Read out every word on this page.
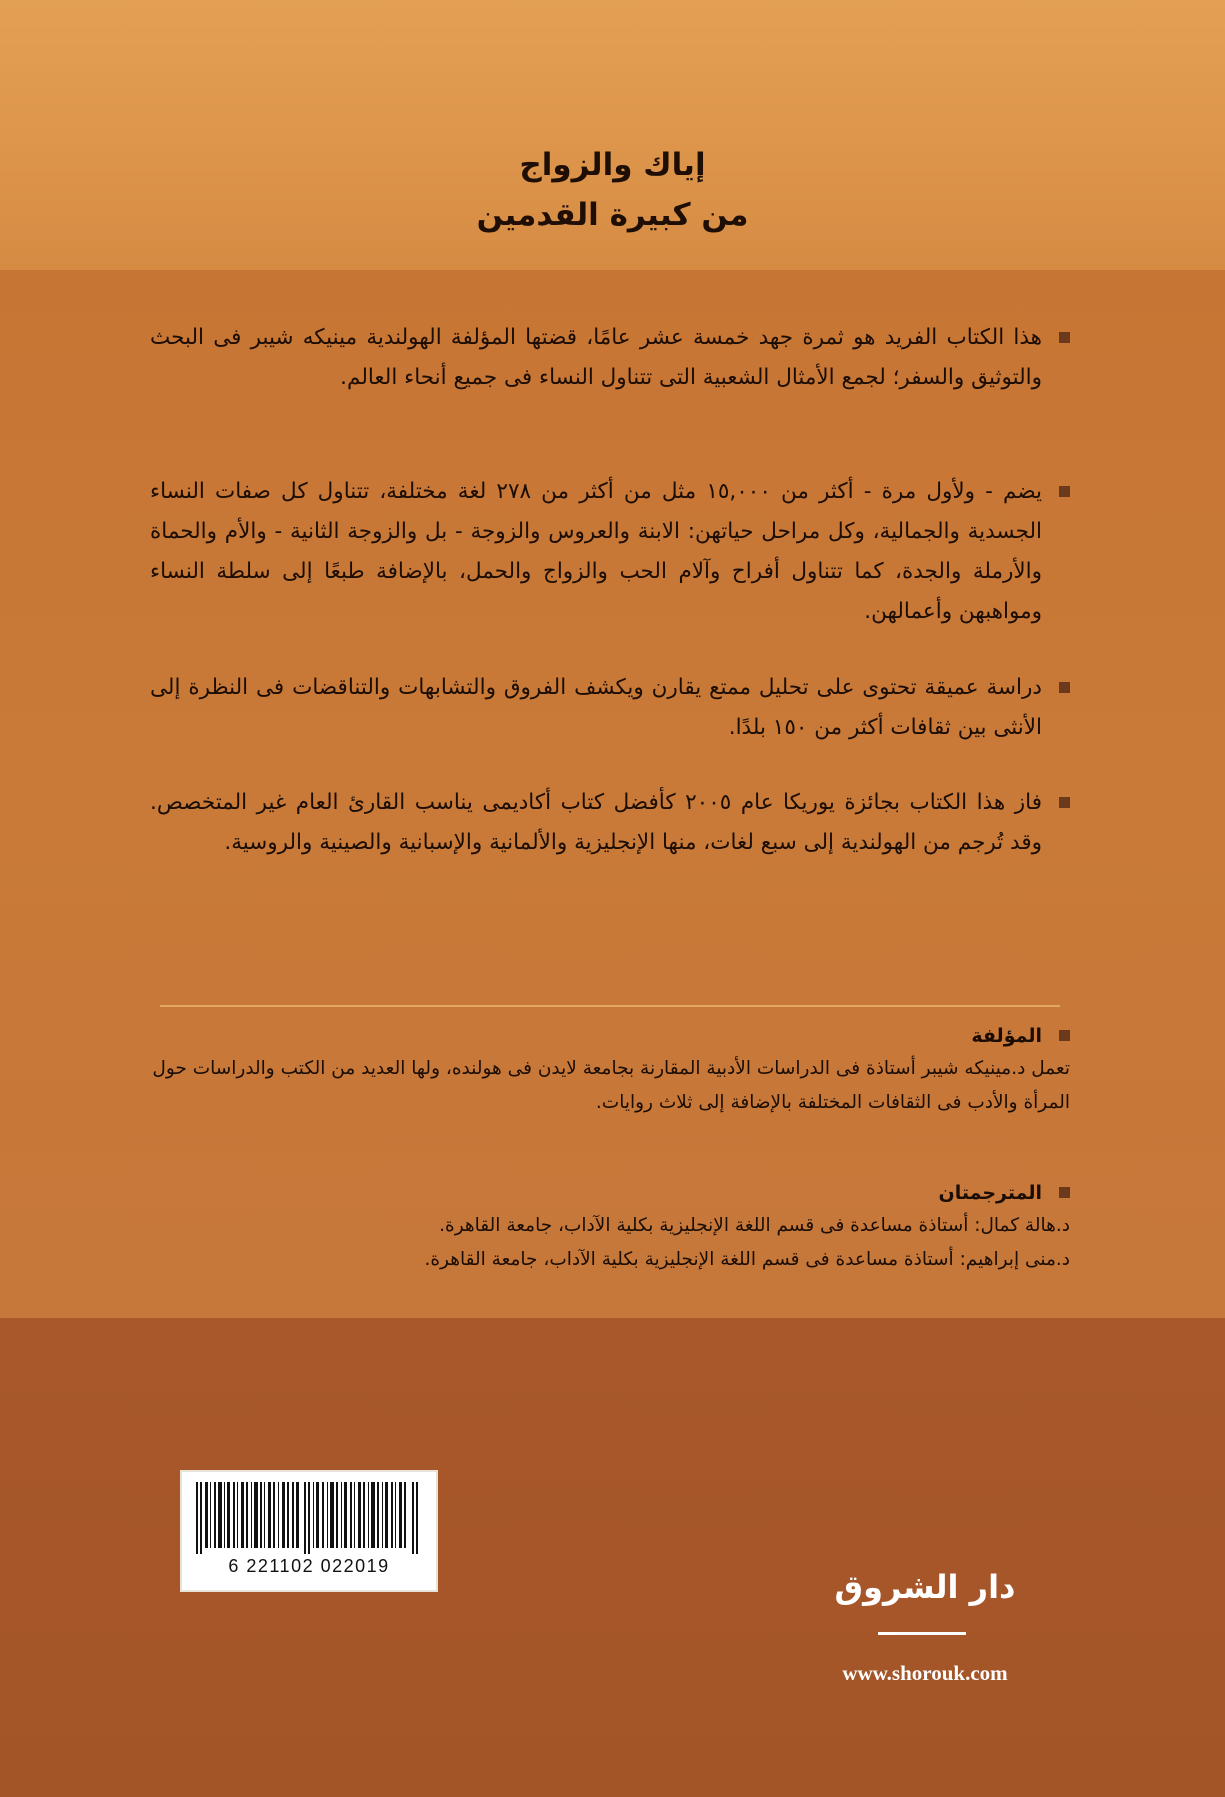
إياك والزواج
من كبيرة القدمين

هذا الكتاب الفريد هو ثمرة جهد خمسة عشر عامًا، قضتها المؤلفة الهولندية مينيكه شيبر فى البحث والتوثيق والسفر؛ لجمع الأمثال الشعبية التى تتناول النساء فى جميع أنحاء العالم.

يضم - ولأول مرة - أكثر من ١٥,٠٠٠ مثل من أكثر من ٢٧٨ لغة مختلفة، تتناول كل صفات النساء الجسدية والجمالية، وكل مراحل حياتهن: الابنة والعروس والزوجة - بل والزوجة الثانية - والأم والحماة والأرملة والجدة، كما تتناول أفراح وآلام الحب والزواج والحمل، بالإضافة طبعًا إلى سلطة النساء ومواهبهن وأعمالهن.

دراسة عميقة تحتوى على تحليل ممتع يقارن ويكشف الفروق والتشابهات والتناقضات فى النظرة إلى الأنثى بين ثقافات أكثر من ١٥٠ بلدًا.

فاز هذا الكتاب بجائزة يوريكا عام ٢٠٠٥ كأفضل كتاب أكاديمى يناسب القارئ العام غير المتخصص. وقد تُرجم من الهولندية إلى سبع لغات، منها الإنجليزية والألمانية والإسبانية والصينية والروسية.

المؤلفة
تعمل د.مينيكه شيبر أستاذة فى الدراسات الأدبية المقارنة بجامعة لايدن فى هولنده، ولها العديد من الكتب والدراسات حول المرأة والأدب فى الثقافات المختلفة بالإضافة إلى ثلاث روايات.
المترجمتان
د.هالة كمال: أستاذة مساعدة فى قسم اللغة الإنجليزية بكلية الآداب، جامعة القاهرة.
د.منى إبراهيم: أستاذة مساعدة فى قسم اللغة الإنجليزية بكلية الآداب، جامعة القاهرة.
6 221102 022019
دار الشروق
www.shorouk.com
